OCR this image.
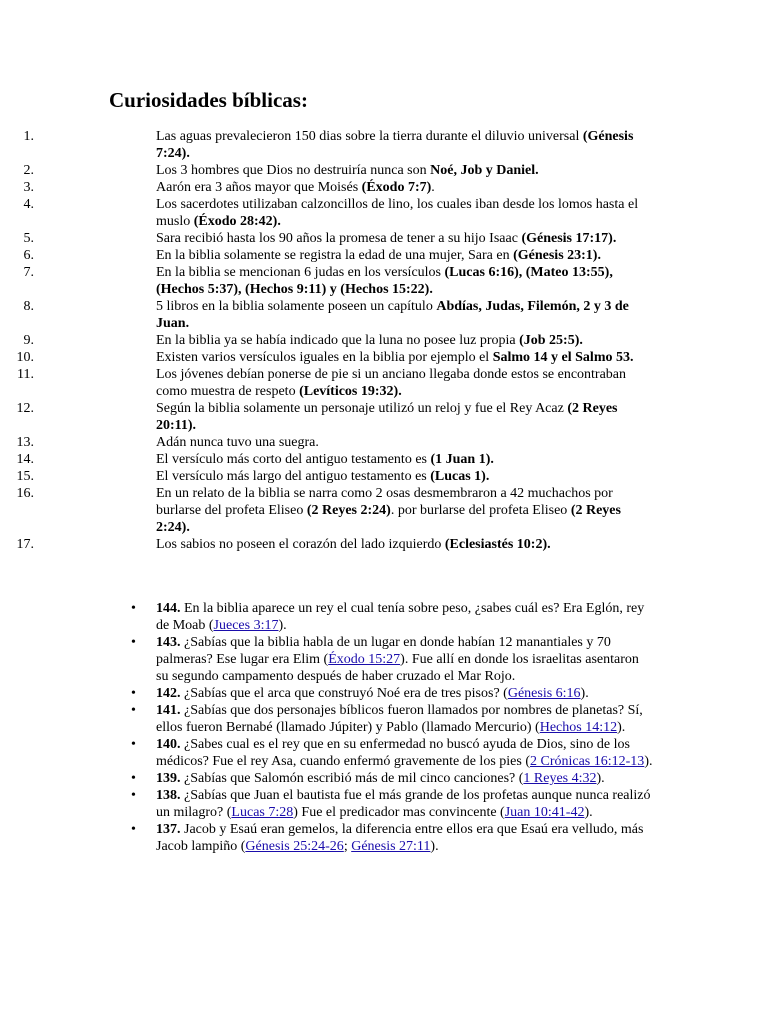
Curiosidades bíblicas:
1.	Las aguas prevalecieron 150 dias sobre la tierra durante el diluvio universal (Génesis 7:24).
2.	Los 3 hombres que Dios no destruiría nunca son Noé, Job y Daniel.
3.	Aarón era 3 años mayor que Moisés (Éxodo 7:7).
4.	Los sacerdotes utilizaban calzoncillos de lino, los cuales iban desde los lomos hasta el muslo (Éxodo 28:42).
5.	Sara recibió hasta los 90 años la promesa de tener a su hijo Isaac (Génesis 17:17).
6.	En la biblia solamente se registra la edad de una mujer, Sara en (Génesis 23:1).
7.	En la biblia se mencionan 6 judas en los versículos (Lucas 6:16), (Mateo 13:55), (Hechos 5:37), (Hechos 9:11) y (Hechos 15:22).
8.	5 libros en la biblia solamente poseen un capítulo Abdías, Judas, Filemón, 2 y 3 de Juan.
9.	En la biblia ya se había indicado que la luna no posee luz propia (Job 25:5).
10.	Existen varios versículos iguales en la biblia por ejemplo el Salmo 14 y el Salmo 53.
11.	Los jóvenes debían ponerse de pie si un anciano llegaba donde estos se encontraban como muestra de respeto (Levíticos 19:32).
12.	Según la biblia solamente un personaje utilizó un reloj y fue el Rey Acaz (2 Reyes 20:11).
13.	Adán nunca tuvo una suegra.
14.	El versículo más corto del antiguo testamento es (1 Juan 1).
15.	El versículo más largo del antiguo testamento es (Lucas 1).
16.	En un relato de la biblia se narra como 2 osas desmembraron a 42 muchachos por burlarse del profeta Eliseo (2 Reyes 2:24). por burlarse del profeta Eliseo (2 Reyes 2:24).
17.	Los sabios no poseen el corazón del lado izquierdo (Eclesiastés 10:2).
•
144. En la biblia aparece un rey el cual tenía sobre peso, ¿sabes cuál es? Era Eglón, rey de Moab (Jueces 3:17).
•
143. ¿Sabías que la biblia habla de un lugar en donde habían 12 manantiales y 70 palmeras? Ese lugar era Elim (Éxodo 15:27). Fue allí en donde los israelitas asentaron su segundo campamento después de haber cruzado el Mar Rojo.
•
142. ¿Sabías que el arca que construyó Noé era de tres pisos? (Génesis 6:16).
•
141. ¿Sabías que dos personajes bíblicos fueron llamados por nombres de planetas? Sí, ellos fueron Bernabé (llamado Júpiter) y Pablo (llamado Mercurio) (Hechos 14:12).
•
140. ¿Sabes cual es el rey que en su enfermedad no buscó ayuda de Dios, sino de los médicos? Fue el rey Asa, cuando enfermó gravemente de los pies (2 Crónicas 16:12-13).
•
139. ¿Sabías que Salomón escribió más de mil cinco canciones? (1 Reyes 4:32).
•
138. ¿Sabías que Juan el bautista fue el más grande de los profetas aunque nunca realizó un milagro? (Lucas 7:28) Fue el predicador mas convincente (Juan 10:41-42).
•
137. Jacob y Esaú eran gemelos, la diferencia entre ellos era que Esaú era velludo, más Jacob lampiño (Génesis 25:24-26; Génesis 27:11).
